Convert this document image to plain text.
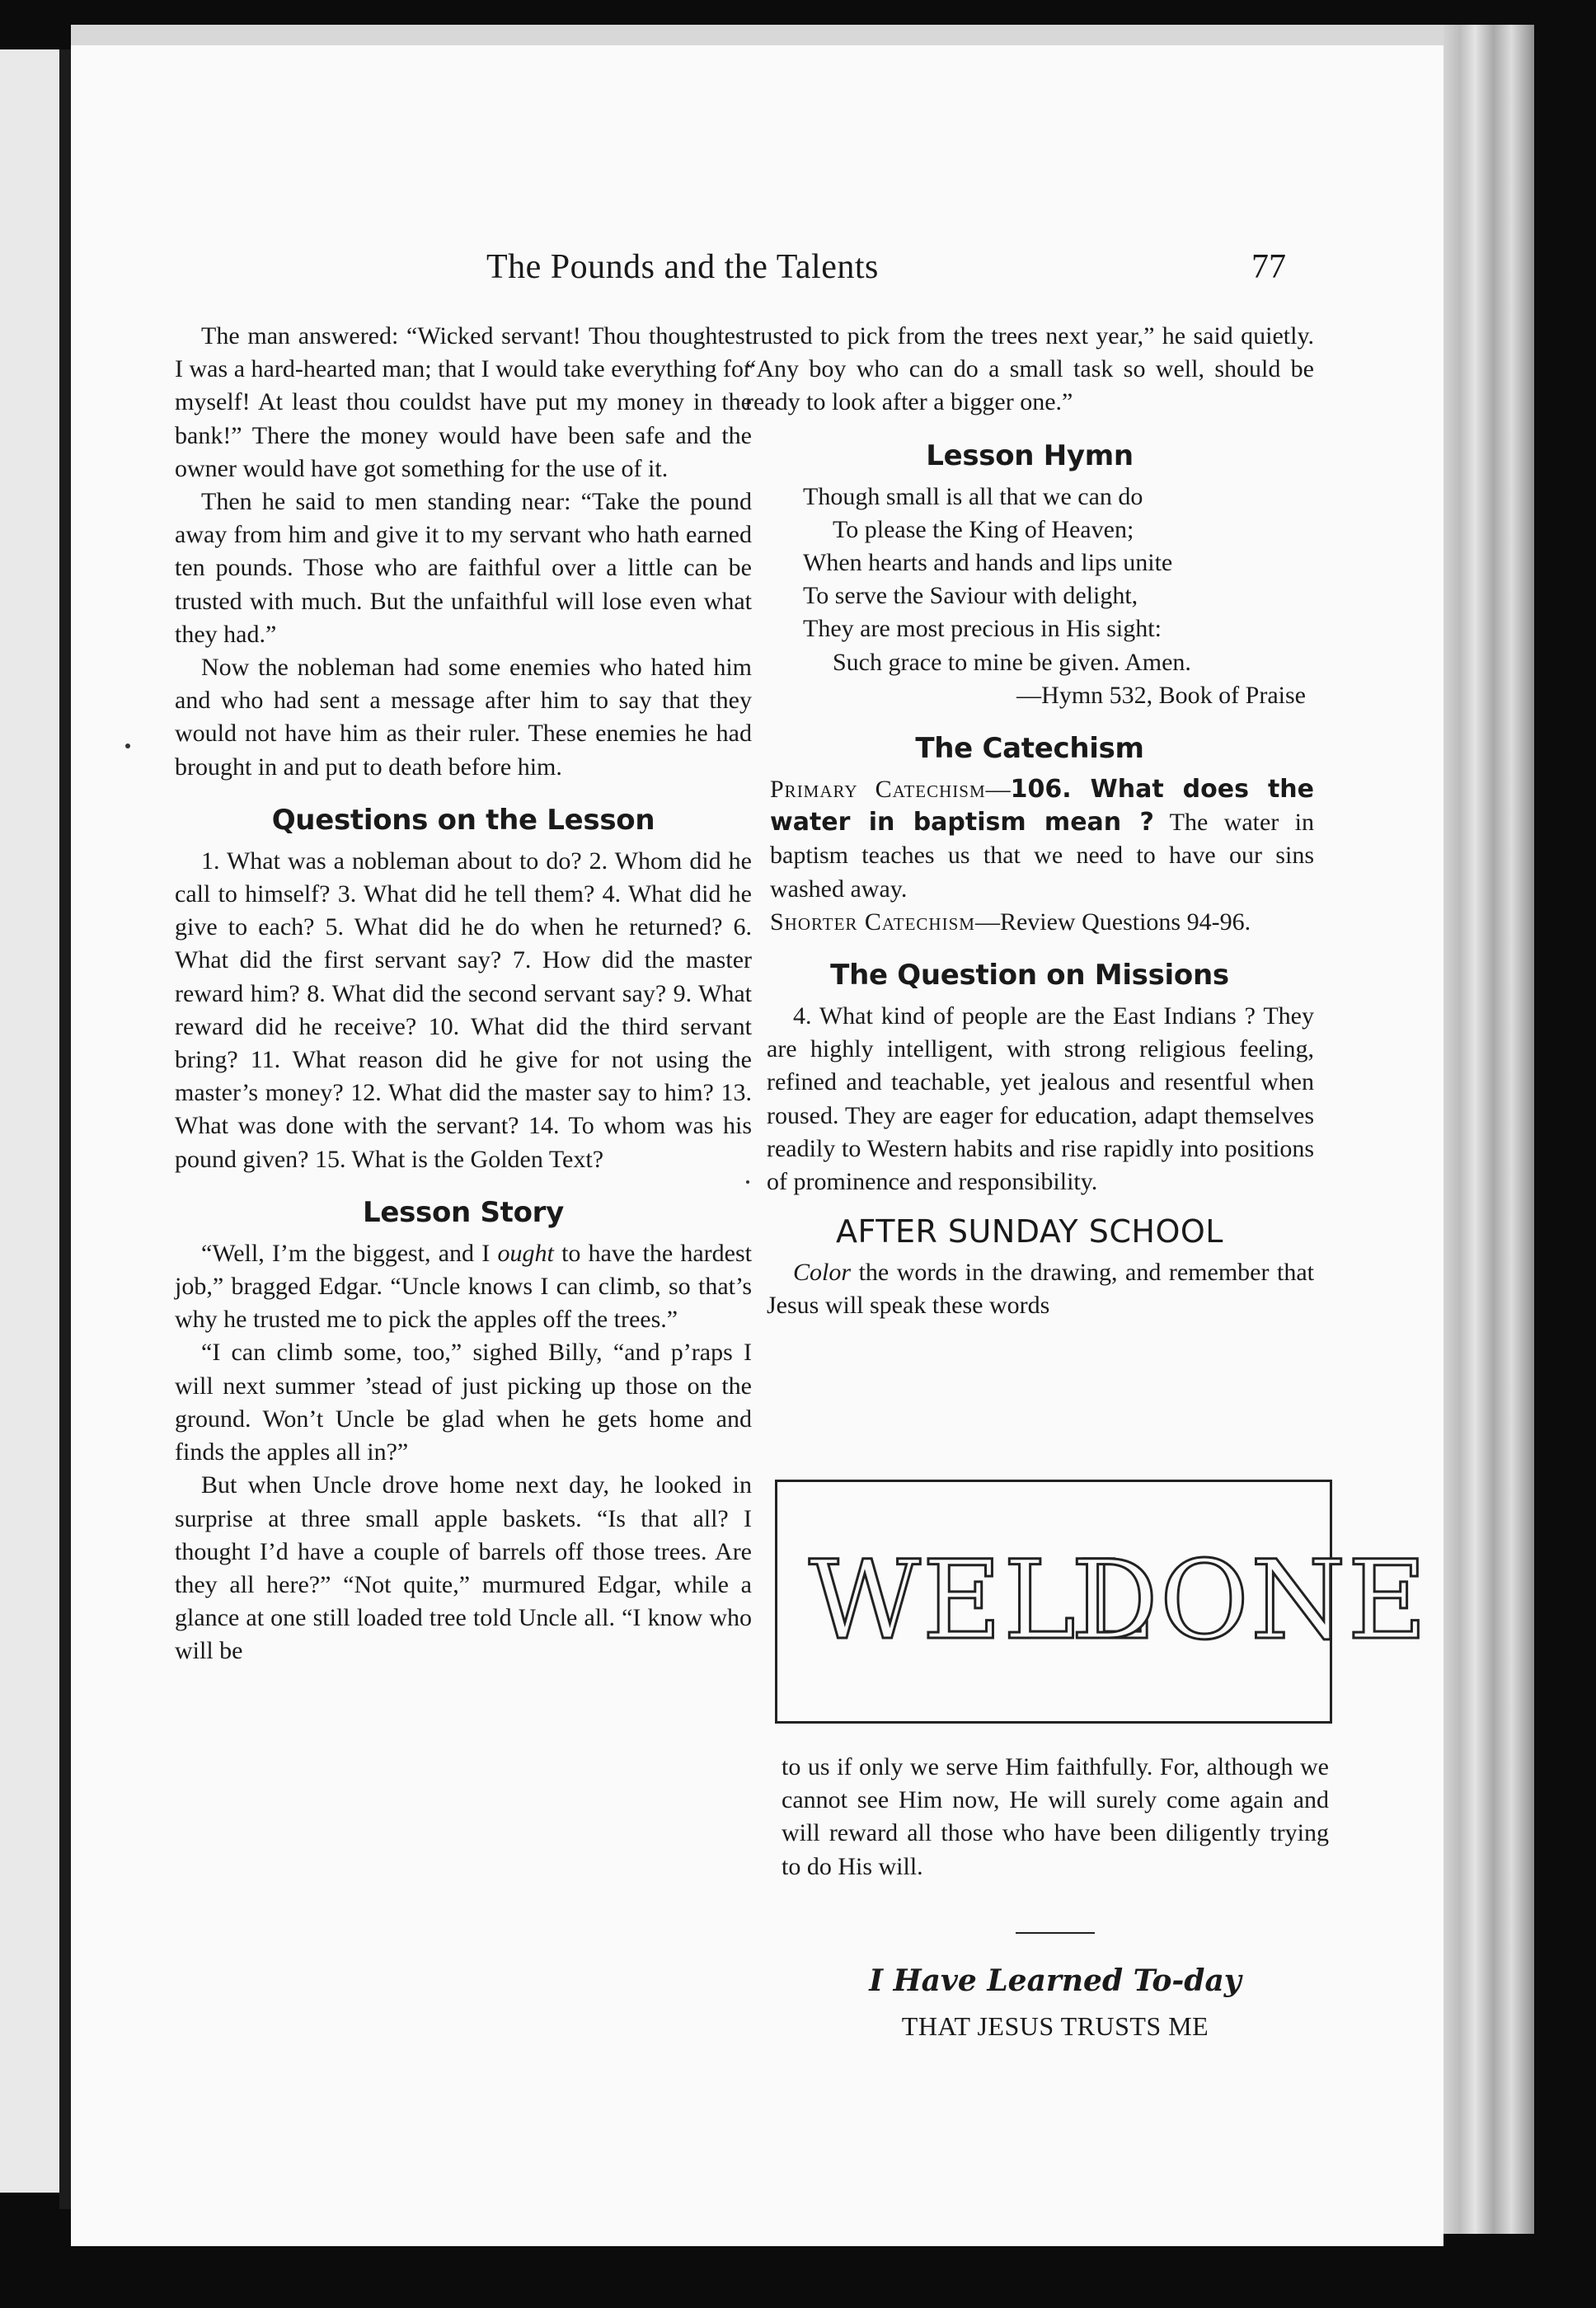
The Pounds and the Talents	77

The man answered: “Wicked servant! Thou thoughtest I was a hard-hearted man; that I would take everything for myself! At least thou couldst have put my money in the bank!” There the money would have been safe and the owner would have got something for the use of it.

Then he said to men standing near: “Take the pound away from him and give it to my servant who hath earned ten pounds. Those who are faithful over a little can be trusted with much. But the unfaithful will lose even what they had.”

Now the nobleman had some enemies who hated him and who had sent a message after him to say that they would not have him as their ruler. These enemies he had brought in and put to death before him.

Questions on the Lesson

1. What was a nobleman about to do? 2. Whom did he call to himself? 3. What did he tell them? 4. What did he give to each? 5. What did he do when he returned? 6. What did the first servant say? 7. How did the master reward him? 8. What did the second servant say? 9. What reward did he receive? 10. What did the third servant bring? 11. What reason did he give for not using the master’s money? 12. What did the master say to him? 13. What was done with the servant? 14. To whom was his pound given? 15. What is the Golden Text?

Lesson Story

“Well, I’m the biggest, and I ought to have the hardest job,” bragged Edgar. “Uncle knows I can climb, so that’s why he trusted me to pick the apples off the trees.”

“I can climb some, too,” sighed Billy, “and p’raps I will next summer ’stead of just picking up those on the ground. Won’t Uncle be glad when he gets home and finds the apples all in?”

But when Uncle drove home next day, he looked in surprise at three small apple baskets. “Is that all? I thought I’d have a couple of barrels off those trees. Are they all here?” “Not quite,” murmured Edgar, while a glance at one still loaded tree told Uncle all. “I know who will be

trusted to pick from the trees next year,” he said quietly. “Any boy who can do a small task so well, should be ready to look after a bigger one.”

Lesson Hymn
Though small is all that we can do
To please the King of Heaven;
When hearts and hands and lips unite
To serve the Saviour with delight,
They are most precious in His sight:
Such grace to mine be given. Amen.
—Hymn 532, Book of Praise
The Catechism

Primary Catechism—106. What does the water in baptism mean ? The water in baptism teaches us that we need to have our sins washed away.

Shorter Catechism—Review Questions 94-96.

The Question on Missions

4. What kind of people are the East Indians ? They are highly intelligent, with strong religious feeling, refined and teachable, yet jealous and resentful when roused. They are eager for education, adapt themselves readily to Western habits and rise rapidly into positions of prominence and responsibility.

AFTER SUNDAY SCHOOL

Color the words in the drawing, and remember that Jesus will speak these words

WELL
DONE
to us if only we serve Him faithfully. For, although we cannot see Him now, He will surely come again and will reward all those who have been diligently trying to do His will.
I Have Learned To-day
THAT JESUS TRUSTS ME
